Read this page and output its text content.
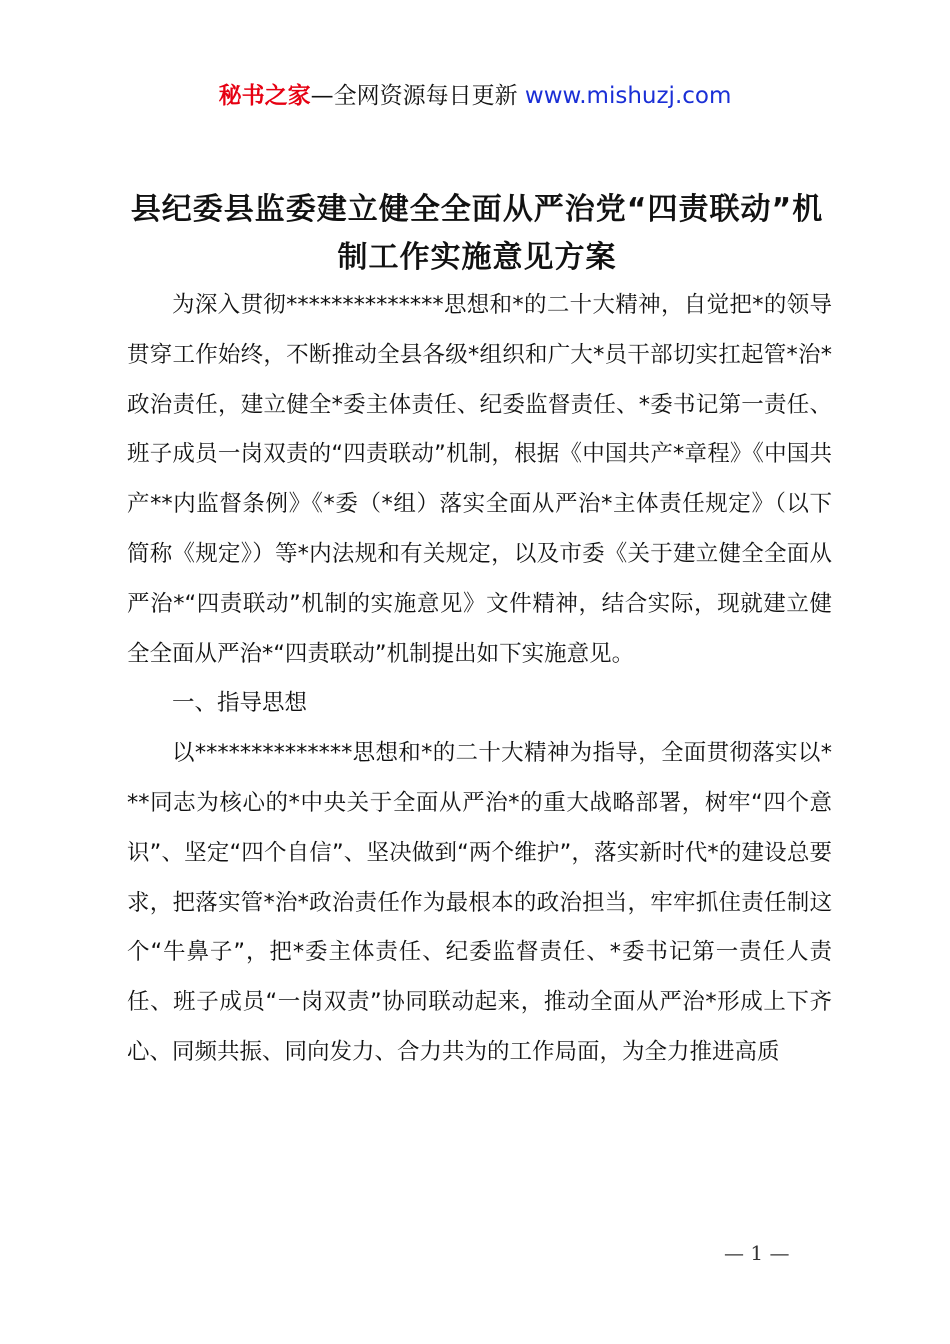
秘书之家—全网资源每日更新 www.mishuzj.com
县纪委县监委建立健全全面从严治党“四责联动”机制工作实施意见方案

为深入贯彻**************思想和*的二十大精神，自觉把*的领导贯穿工作始终，不断推动全县各级*组织和广大*员干部切实扛起管*治*政治责任，建立健全*委主体责任、纪委监督责任、*委书记第一责任、班子成员一岗双责的“四责联动”机制，根据《中国共产*章程》《中国共产**内监督条例》《*委（*组）落实全面从严治*主体责任规定》（以下简称《规定》）等*内法规和有关规定，以及市委《关于建立健全全面从严治*“四责联动”机制的实施意见》文件精神，结合实际，现就建立健全全面从严治*“四责联动”机制提出如下实施意见。

一、指导思想

以**************思想和*的二十大精神为指导，全面贯彻落实以***同志为核心的*中央关于全面从严治*的重大战略部署，树牢“四个意识”、坚定“四个自信”、坚决做到“两个维护”，落实新时代*的建设总要求，把落实管*治*政治责任作为最根本的政治担当，牢牢抓住责任制这个“牛鼻子”，把*委主体责任、纪委监督责任、*委书记第一责任人责任、班子成员“一岗双责”协同联动起来，推动全面从严治*形成上下齐心、同频共振、同向发力、合力共为的工作局面，为全力推进高质

— 1 —
